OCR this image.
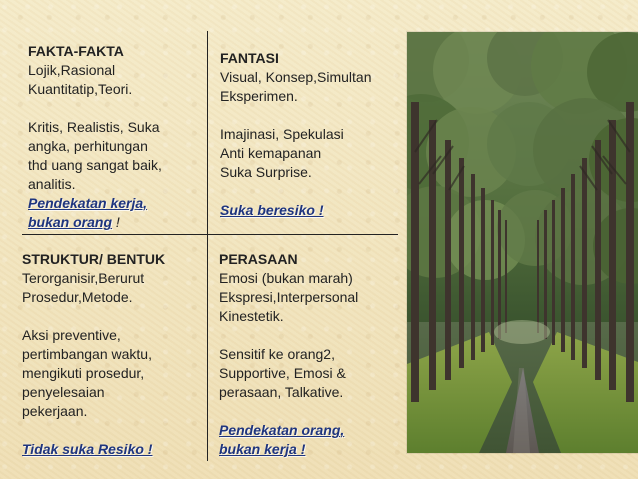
FAKTA-FAKTA
Lojik,Rasional
Kuantitatip,Teori.
Kritis, Realistis, Suka
angka, perhitungan
thd uang sangat baik,
analitis.
Pendekatan kerja,
bukan orang !
FANTASI
Visual, Konsep,Simultan
Eksperimen.
Imajinasi, Spekulasi
Anti kemapanan
Suka Surprise.
Suka beresiko !
STRUKTUR/ BENTUK
Terorganisir,Berurut
Prosedur,Metode.
Aksi preventive,
pertimbangan waktu,
mengikuti prosedur,
penyelesaian
pekerjaan.
Tidak suka Resiko !
PERASAAN
Emosi (bukan marah)
Ekspresi,Interpersonal
Kinestetik.
Sensitif ke orang2,
Supportive, Emosi &
perasaan, Talkative.
Pendekatan orang,
bukan kerja !
